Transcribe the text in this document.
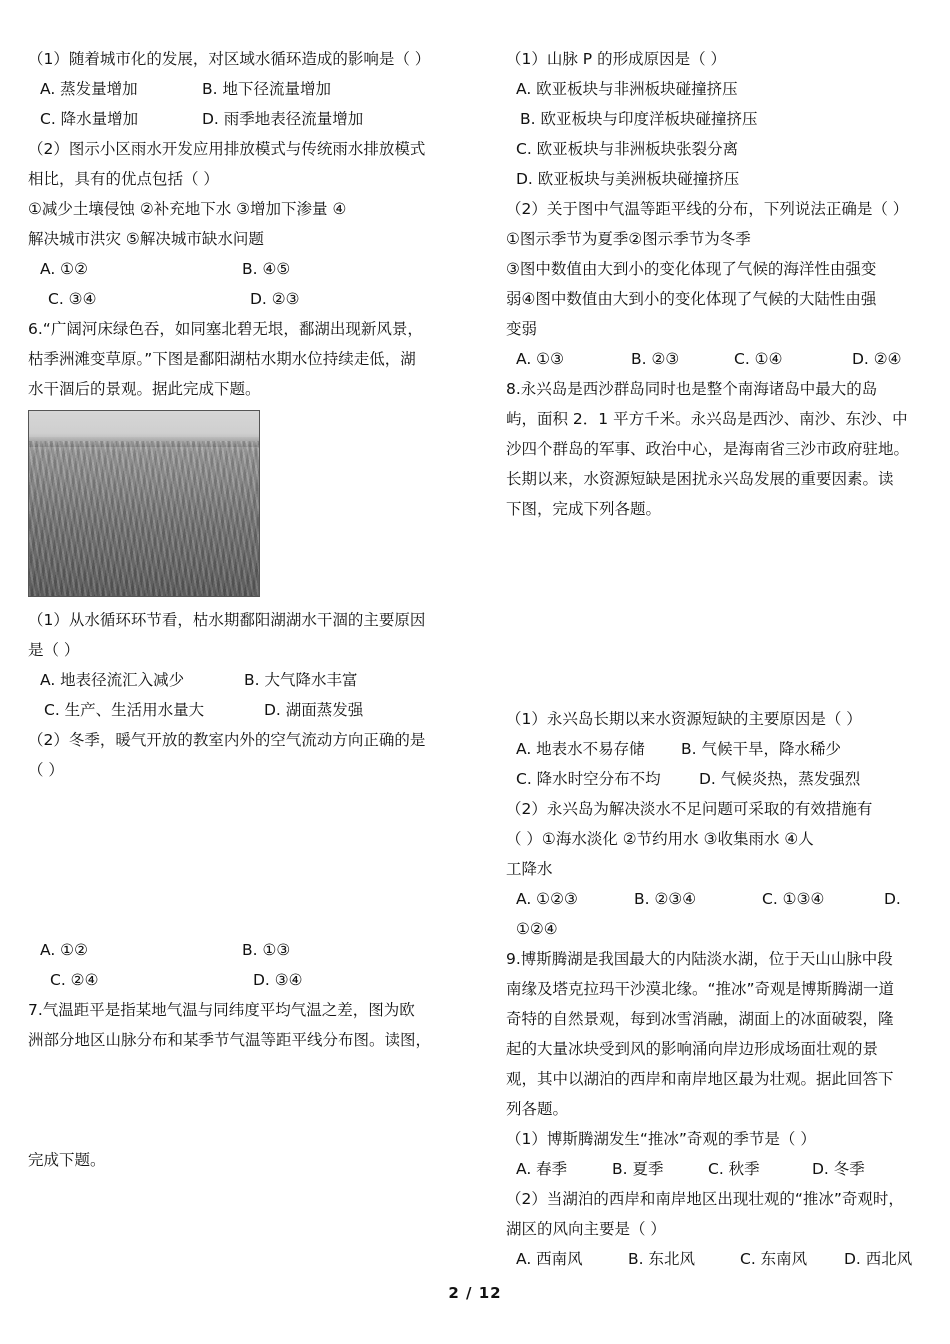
（1）随着城市化的发展，对区域水循环造成的影响是（ ）
A. 蒸发量增加	B. 地下径流量增加
C. 降水量增加	D. 雨季地表径流量增加
（2）图示小区雨水开发应用排放模式与传统雨水排放模式
相比，具有的优点包括（ ）
①减少土壤侵蚀 ②补充地下水 ③增加下渗量 ④
解决城市洪灾 ⑤解决城市缺水问题
A. ①②	B. ④⑤
C. ③④	D. ②③
6.“广阔河床绿色吞，如同塞北碧无垠，鄱湖出现新风景，
枯季洲滩变草原。”下图是鄱阳湖枯水期水位持续走低，湖
水干涸后的景观。据此完成下题。
（1）从水循环环节看，枯水期鄱阳湖湖水干涸的主要原因
是（ ）
A. 地表径流汇入减少	B. 大气降水丰富
C. 生产、生活用水量大	D. 湖面蒸发强
（2）冬季，暖气开放的教室内外的空气流动方向正确的是
（ ）
A. ①②	B. ①③
C. ②④	D. ③④
7.气温距平是指某地气温与同纬度平均气温之差，图为欧
洲部分地区山脉分布和某季节气温等距平线分布图。读图，
完成下题。
（1）山脉 P 的形成原因是（ ）
A. 欧亚板块与非洲板块碰撞挤压
B. 欧亚板块与印度洋板块碰撞挤压
C. 欧亚板块与非洲板块张裂分离
D. 欧亚板块与美洲板块碰撞挤压
（2）关于图中气温等距平线的分布，下列说法正确是（ ）
①图示季节为夏季②图示季节为冬季
③图中数值由大到小的变化体现了气候的海洋性由强变
弱④图中数值由大到小的变化体现了气候的大陆性由强
变弱
A. ①③	B. ②③	C. ①④	D. ②④
8.永兴岛是西沙群岛同时也是整个南海诸岛中最大的岛
屿，面积 2．1 平方千米。永兴岛是西沙、南沙、东沙、中
沙四个群岛的军事、政治中心，是海南省三沙市政府驻地。
长期以来，水资源短缺是困扰永兴岛发展的重要因素。读
下图，完成下列各题。
（1）永兴岛长期以来水资源短缺的主要原因是（ ）
A. 地表水不易存储	B. 气候干旱，降水稀少
C. 降水时空分布不均	D. 气候炎热，蒸发强烈
（2）永兴岛为解决淡水不足问题可采取的有效措施有
（ ）①海水淡化 ②节约用水 ③收集雨水 ④人
工降水
A. ①②③	B. ②③④	C. ①③④	D.
①②④
9.博斯腾湖是我国最大的内陆淡水湖，位于天山山脉中段
南缘及塔克拉玛干沙漠北缘。“推冰”奇观是博斯腾湖一道
奇特的自然景观，每到冰雪消融，湖面上的冰面破裂，隆
起的大量冰块受到风的影响涌向岸边形成场面壮观的景
观，其中以湖泊的西岸和南岸地区最为壮观。据此回答下
列各题。
（1）博斯腾湖发生“推冰”奇观的季节是（ ）
A. 春季	B. 夏季	C. 秋季	D. 冬季
（2）当湖泊的西岸和南岸地区出现壮观的“推冰”奇观时，
湖区的风向主要是（ ）
A. 西南风	B. 东北风	C. 东南风	D. 西北风
2 / 12
